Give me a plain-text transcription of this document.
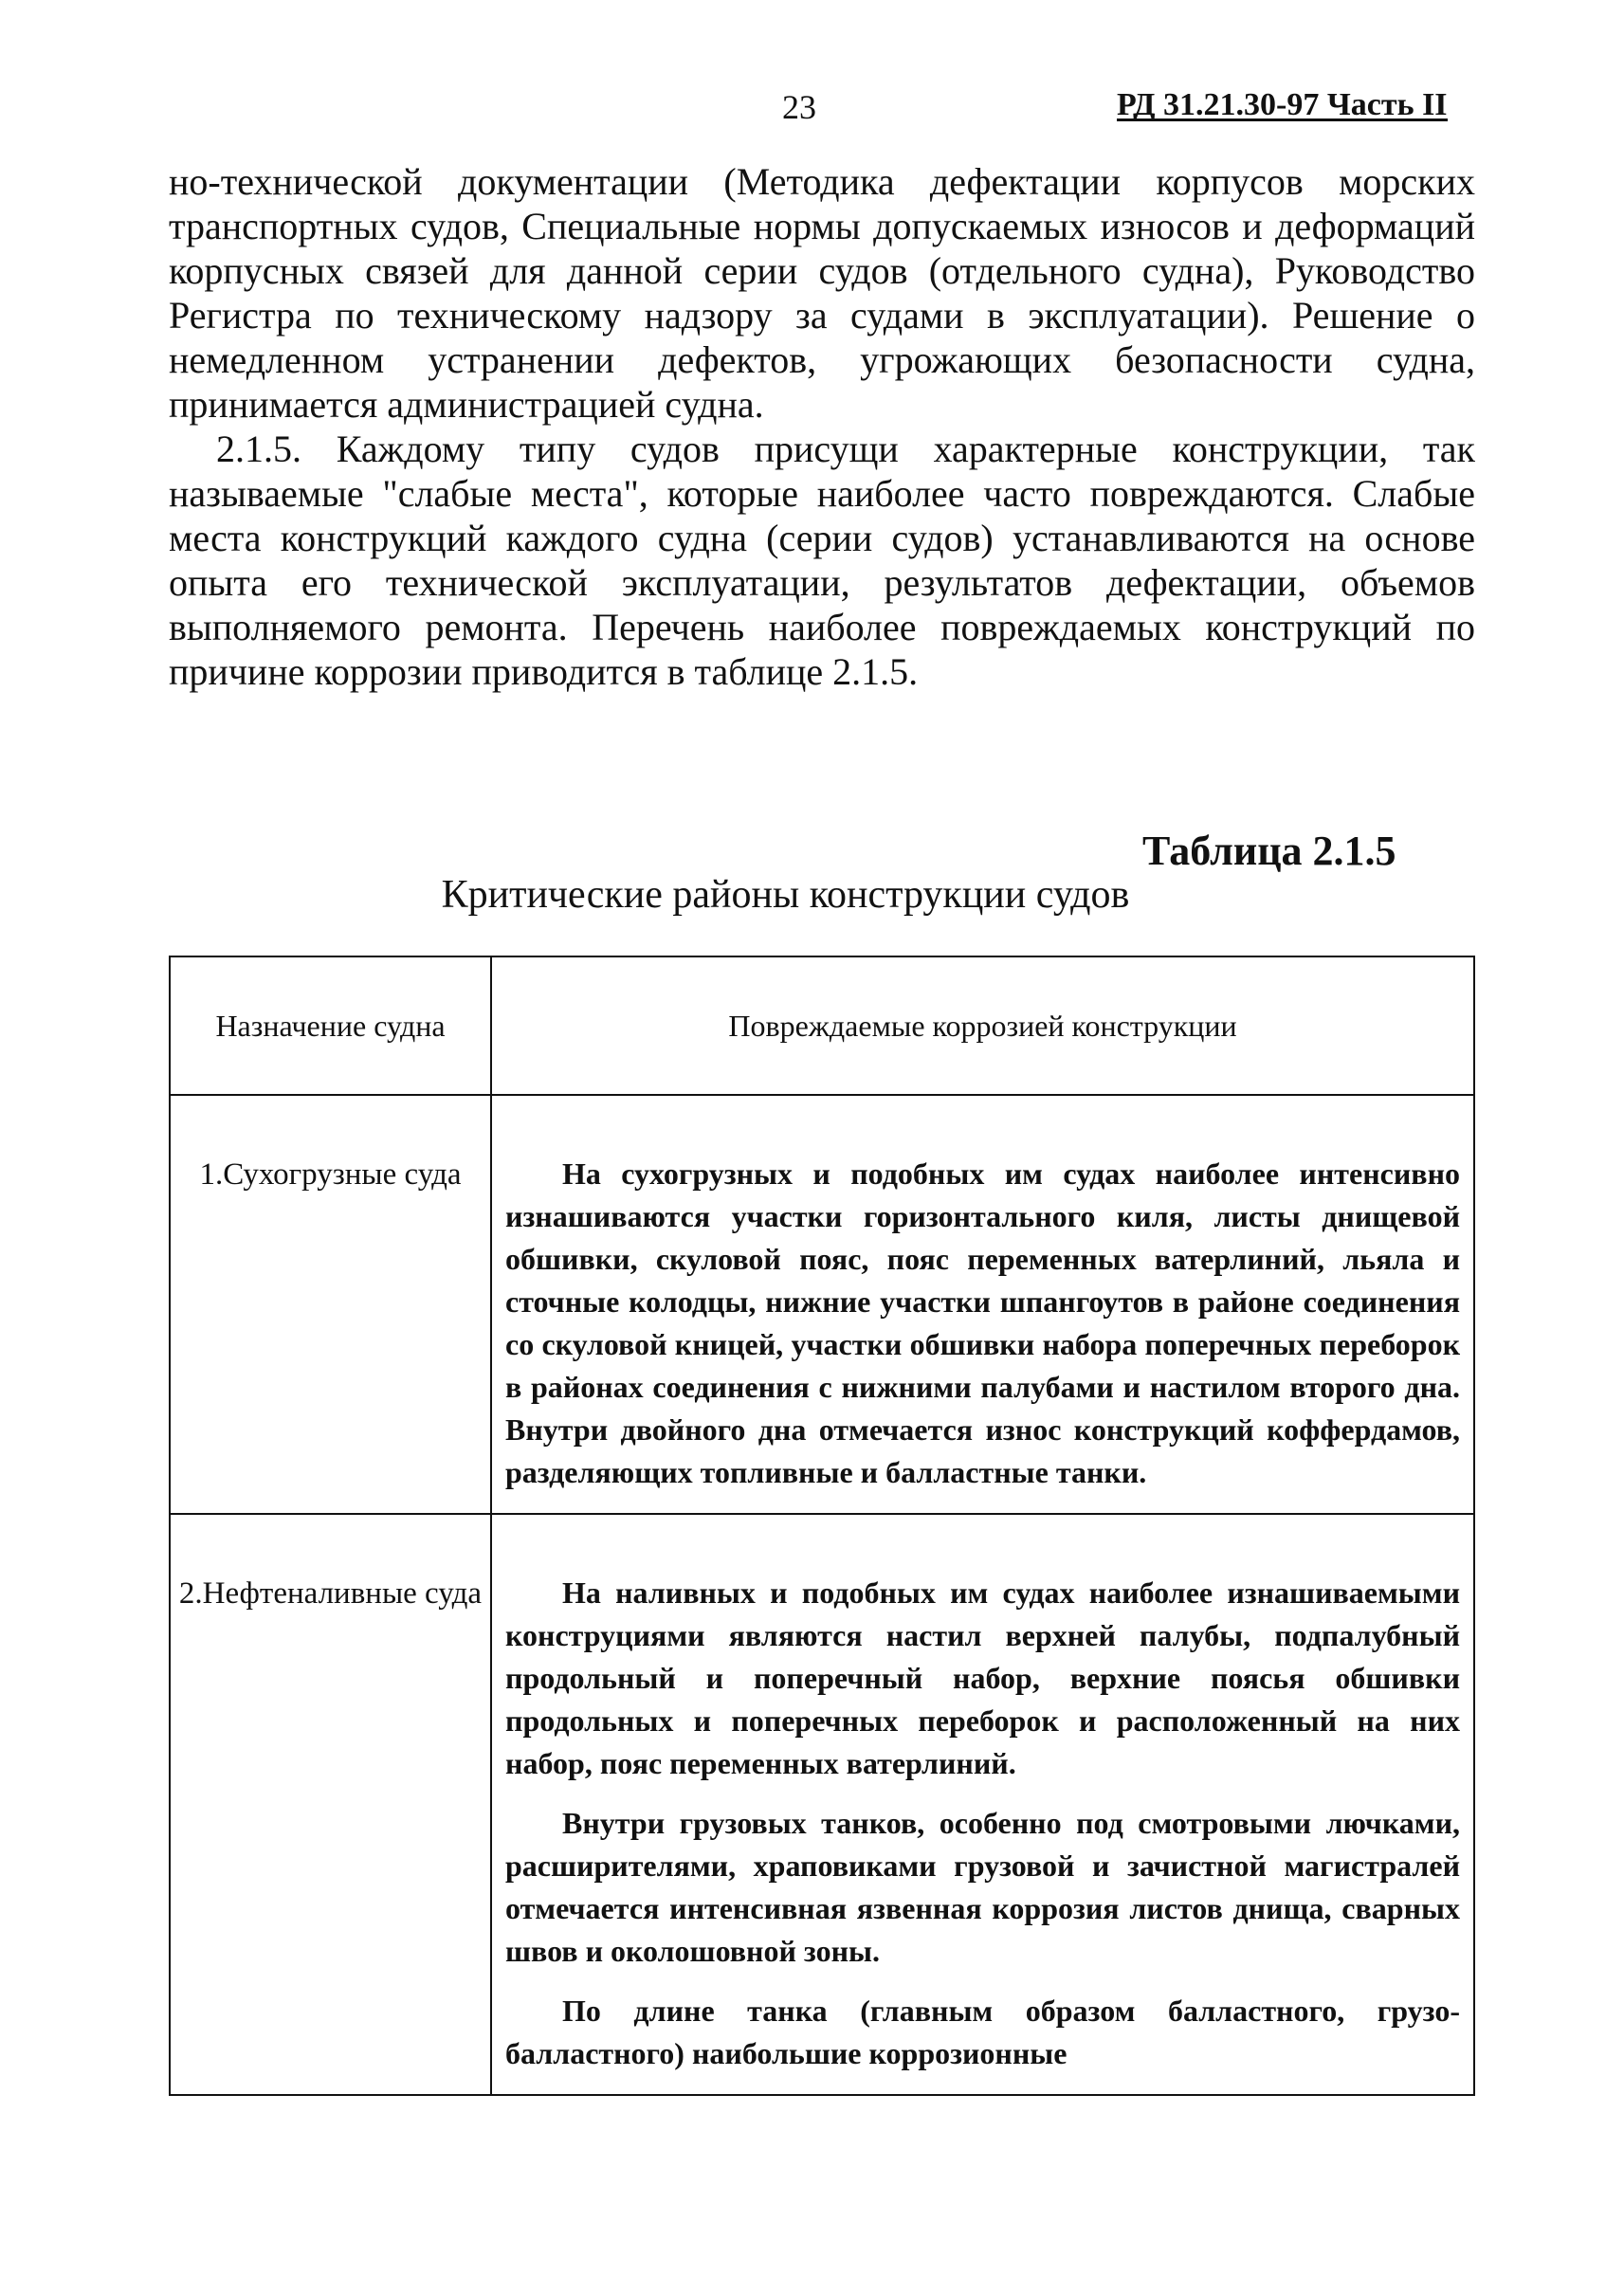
23	РД 31.21.30-97 Часть II

но-технической документации (Методика дефектации корпусов морских транспортных судов, Специальные нормы допускаемых износов и деформаций корпусных связей для данной серии судов (отдельного судна), Руководство Регистра по техническому надзору за судами в эксплуатации). Решение о немедленном устранении дефектов, угрожающих безопасности судна, принимается администрацией судна.

2.1.5. Каждому типу судов присущи характерные конструкции, так называемые "слабые места", которые наиболее часто повреждаются. Слабые места конструкций каждого судна (серии судов) устанавливаются на основе опыта его технической эксплуатации, результатов дефектации, объемов выполняемого ремонта. Перечень наиболее повреждаемых конструкций по причине коррозии приводится в таблице 2.1.5.

Таблица 2.1.5
Критические районы конструкции судов
Назначение судна	Повреждаемые коррозией конструкции
1.Сухогрузные суда	На сухогрузных и подобных им судах наиболее интенсивно изнашиваются участки горизонтального киля, листы днищевой обшивки, скуловой пояс, пояс переменных ватерлиний, льяла и сточные колодцы, нижние участки шпангоутов в районе соединения со скуловой кницей, участки обшивки набора поперечных переборок в районах соединения с нижними палубами и настилом второго дна. Внутри двойного дна отмечается износ конструкций коффердамов, разделяющих топливные и балластные танки.

2.Нефтеналивные суда	На наливных и подобных им судах наиболее изнашиваемыми конструциями являются настил верхней палубы, подпалубный продольный и поперечный набор, верхние поясья обшивки продольных и поперечных переборок и расположенный на них набор, пояс переменных ватерлиний.

Внутри грузовых танков, особенно под смотровыми лючками, расширителями, храповиками грузовой и зачистной магистралей отмечается интенсивная язвенная коррозия листов днища, сварных швов и околошовной зоны.

По длине танка (главным образом балластного, грузо-балластного) наибольшие коррозионные
